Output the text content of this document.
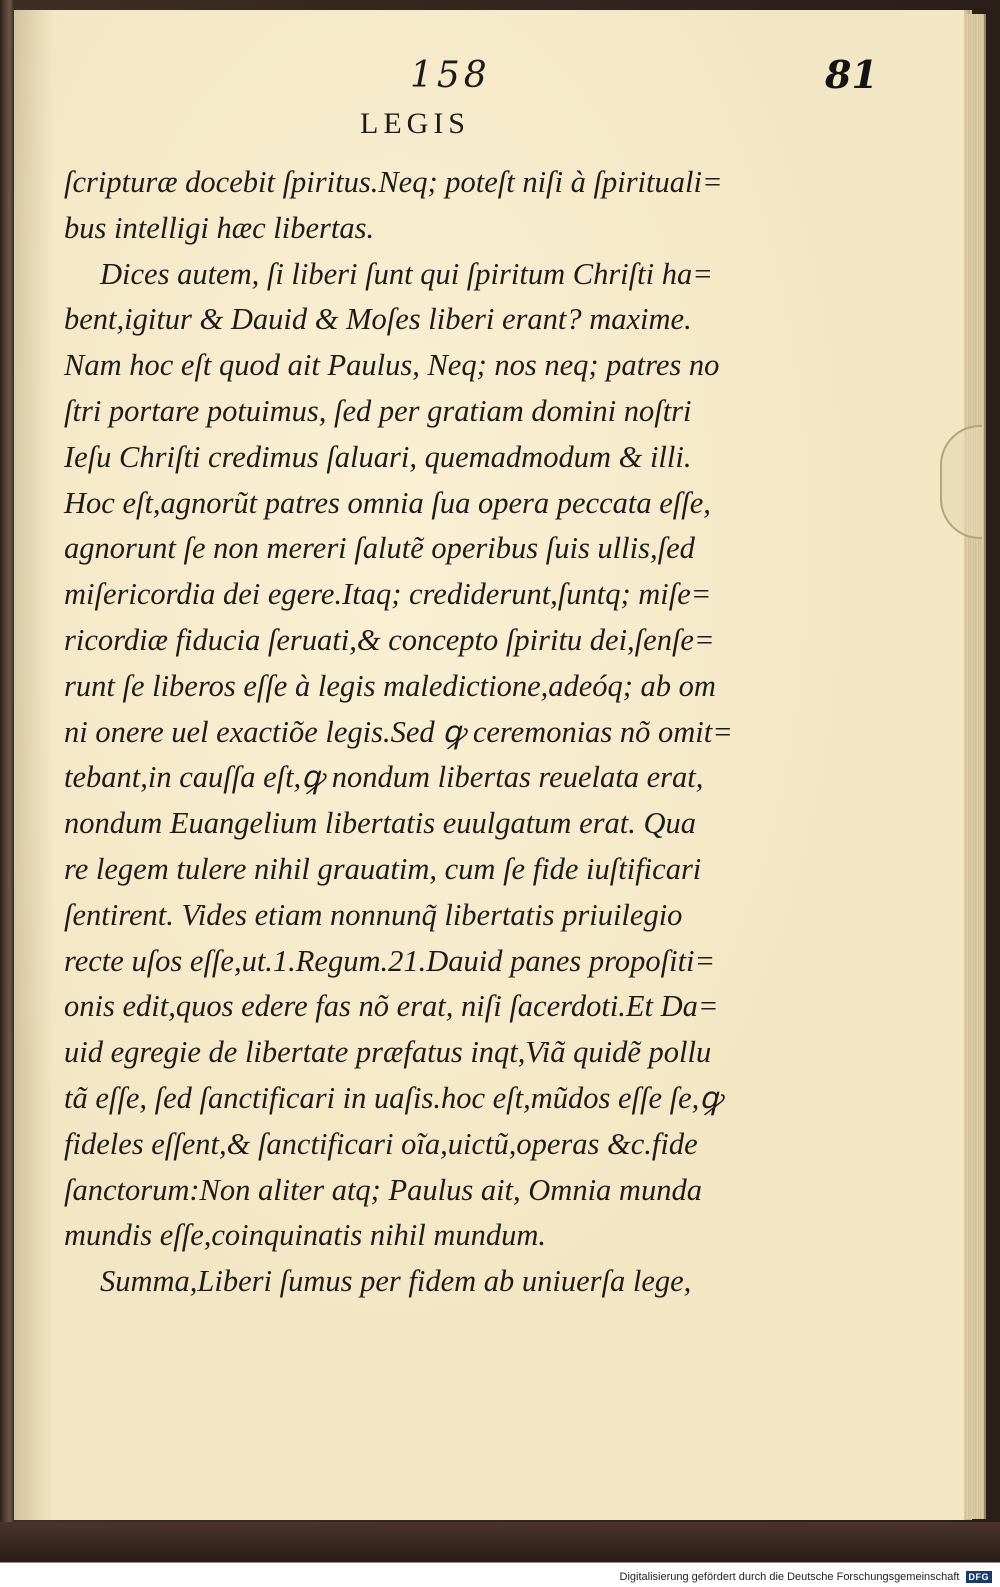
158	81
LEGIS
ſcripturæ docebit ſpiritus.Neq; poteſt niſi à ſpirituali=
bus intelligi hæc libertas.
Dices autem, ſi liberi ſunt qui ſpiritum Chriſti ha=
bent,igitur & Dauid & Moſes liberi erant? maxime.
Nam hoc eſt quod ait Paulus, Neq; nos neq; patres no
ſtri portare potuimus, ſed per gratiam domini noſtri
Ieſu Chriſti credimus ſaluari, quemadmodum & illi.
Hoc eſt,agnorũt patres omnia ſua opera peccata eſſe,
agnorunt ſe non mereri ſalutẽ operibus ſuis ullis,ſed
miſericordia dei egere.Itaq; crediderunt,ſuntq; miſe=
ricordiæ fiducia ſeruati,& concepto ſpiritu dei,ſenſe=
runt ſe liberos eſſe à legis maledictione,adeóq; ab om
ni onere uel exactiõe legis.Sed ꝙ ceremonias nõ omit=
tebant,in cauſſa eſt,ꝙ nondum libertas reuelata erat,
nondum Euangelium libertatis euulgatum erat. Qua
re legem tulere nihil grauatim, cum ſe fide iuſtificari
ſentirent. Vides etiam nonnunq̃ libertatis priuilegio
recte uſos eſſe,ut.1.Regum.21.Dauid panes propoſiti=
onis edit,quos edere fas nõ erat, niſi ſacerdoti.Et Da=
uid egregie de libertate præfatus inqt,Viã quidẽ pollu
tã eſſe, ſed ſanctificari in uaſis.hoc eſt,mũdos eſſe ſe,ꝙ
fideles eſſent,& ſanctificari oĩa,uictũ,operas &c.fide
ſanctorum:Non aliter atq; Paulus ait, Omnia munda
mundis eſſe,coinquinatis nihil mundum.
Summa,Liberi ſumus per fidem ab uniuerſa lege,
Digitalisierung gefördert durch die Deutsche Forschungsgemeinschaft	DFG
